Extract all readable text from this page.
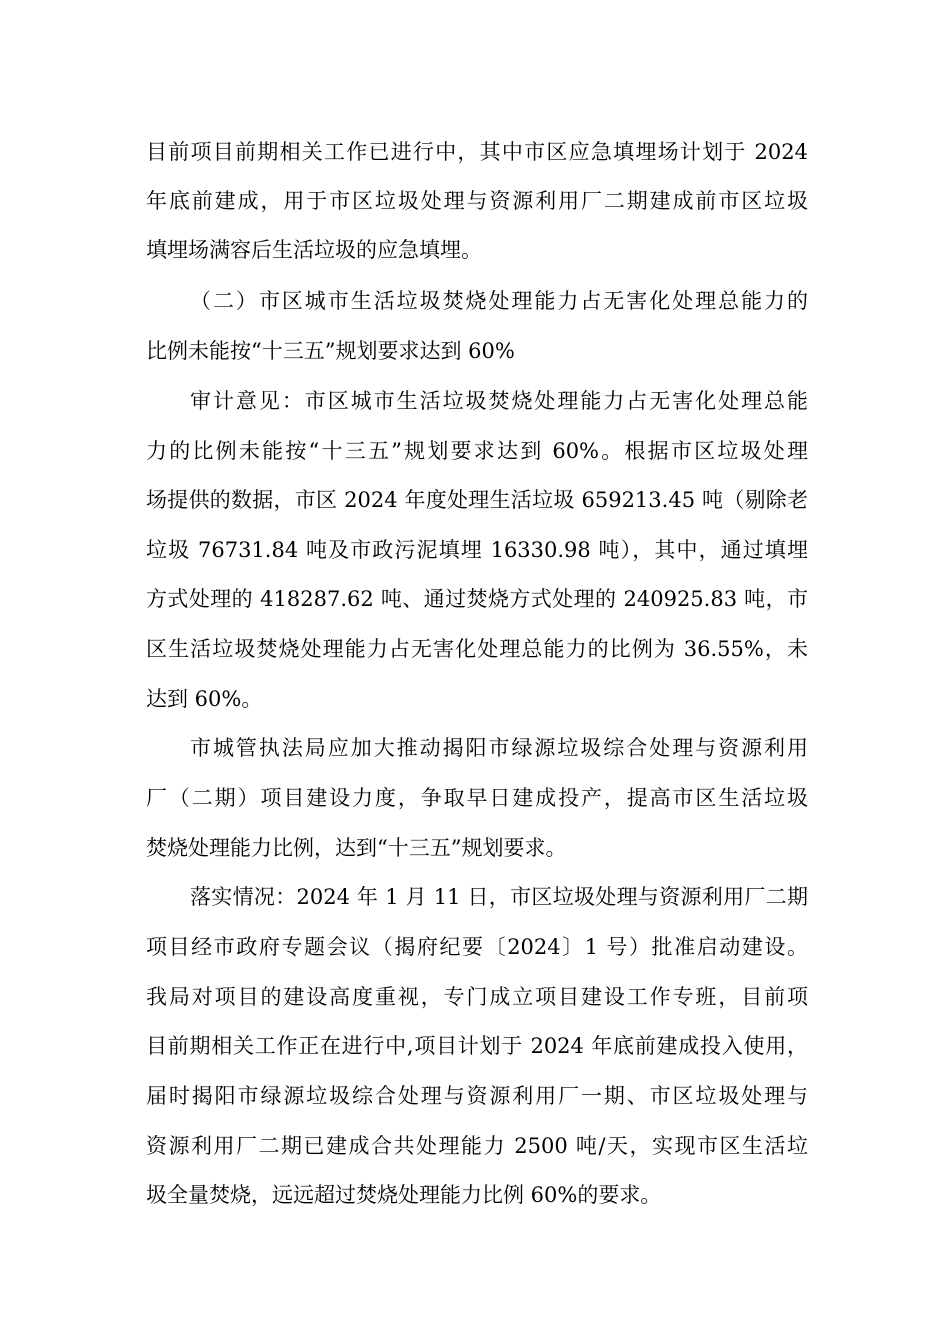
目前项目前期相关工作已进行中，其中市区应急填埋场计划于 2024
年底前建成，用于市区垃圾处理与资源利用厂二期建成前市区垃圾
填埋场满容后生活垃圾的应急填埋。
（二）市区城市生活垃圾焚烧处理能力占无害化处理总能力的
比例未能按“十三五”规划要求达到 60%
审计意见：市区城市生活垃圾焚烧处理能力占无害化处理总能
力的比例未能按“十三五”规划要求达到 60%。根据市区垃圾处理
场提供的数据，市区 2024 年度处理生活垃圾 659213.45 吨（剔除老
垃圾 76731.84 吨及市政污泥填埋 16330.98 吨），其中，通过填埋
方式处理的 418287.62 吨、通过焚烧方式处理的 240925.83 吨，市
区生活垃圾焚烧处理能力占无害化处理总能力的比例为 36.55%，未
达到 60%。
市城管执法局应加大推动揭阳市绿源垃圾综合处理与资源利用
厂（二期）项目建设力度，争取早日建成投产，提高市区生活垃圾
焚烧处理能力比例，达到“十三五”规划要求。
落实情况：2024 年 1 月 11 日，市区垃圾处理与资源利用厂二期
项目经市政府专题会议（揭府纪要〔2024〕1 号）批准启动建设。
我局对项目的建设高度重视，专门成立项目建设工作专班，目前项
目前期相关工作正在进行中,项目计划于 2024 年底前建成投入使用，
届时揭阳市绿源垃圾综合处理与资源利用厂一期、市区垃圾处理与
资源利用厂二期已建成合共处理能力 2500 吨/天，实现市区生活垃
圾全量焚烧，远远超过焚烧处理能力比例 60%的要求。
